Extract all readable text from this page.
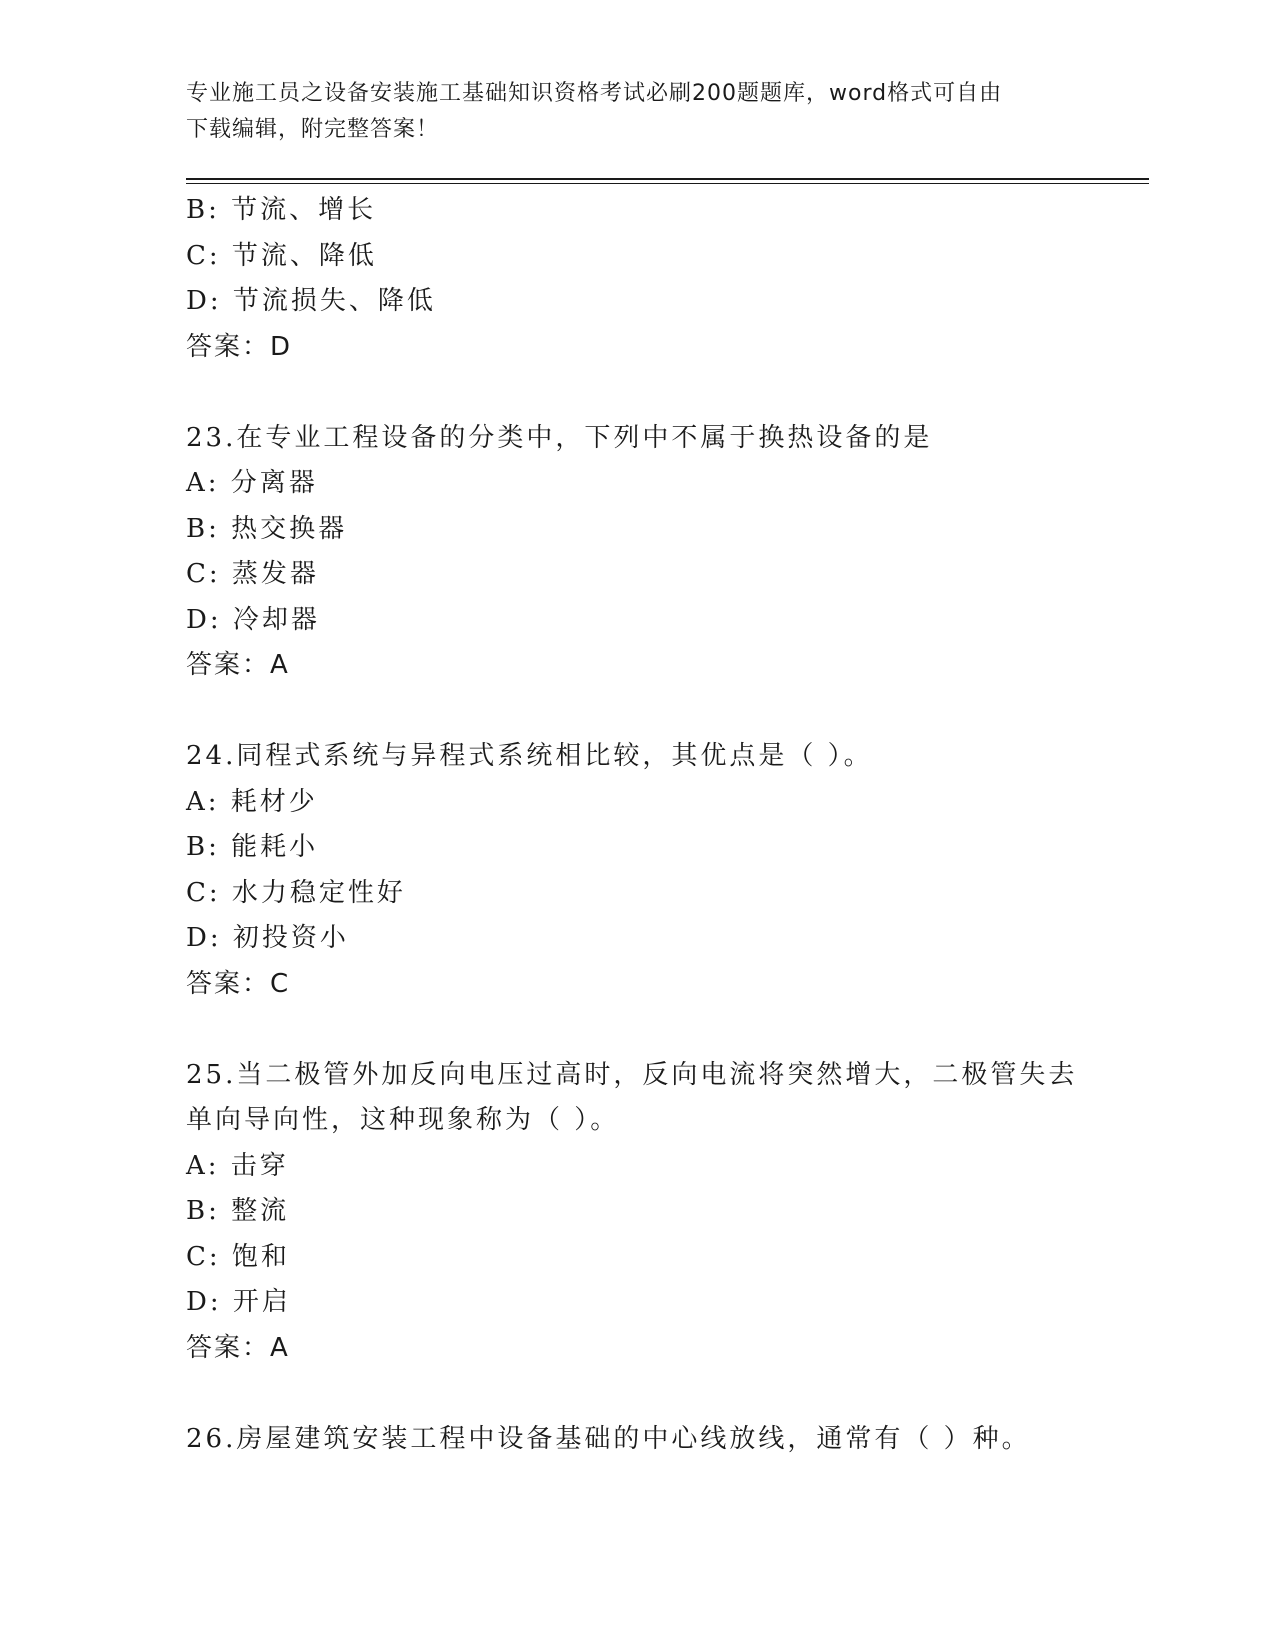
专业施工员之设备安装施工基础知识资格考试必刷200题题库，word格式可自由
下载编辑，附完整答案！
B: 节流、增长
C: 节流、降低
D: 节流损失、降低
答案：D
23.在专业工程设备的分类中，下列中不属于换热设备的是
A: 分离器
B: 热交换器
C: 蒸发器
D: 冷却器
答案：A
24.同程式系统与异程式系统相比较，其优点是（ ）。
A: 耗材少
B: 能耗小
C: 水力稳定性好
D: 初投资小
答案：C
25.当二极管外加反向电压过高时，反向电流将突然增大，二极管失去
单向导向性，这种现象称为（ ）。
A: 击穿
B: 整流
C: 饱和
D: 开启
答案：A
26.房屋建筑安装工程中设备基础的中心线放线，通常有（ ）种。
